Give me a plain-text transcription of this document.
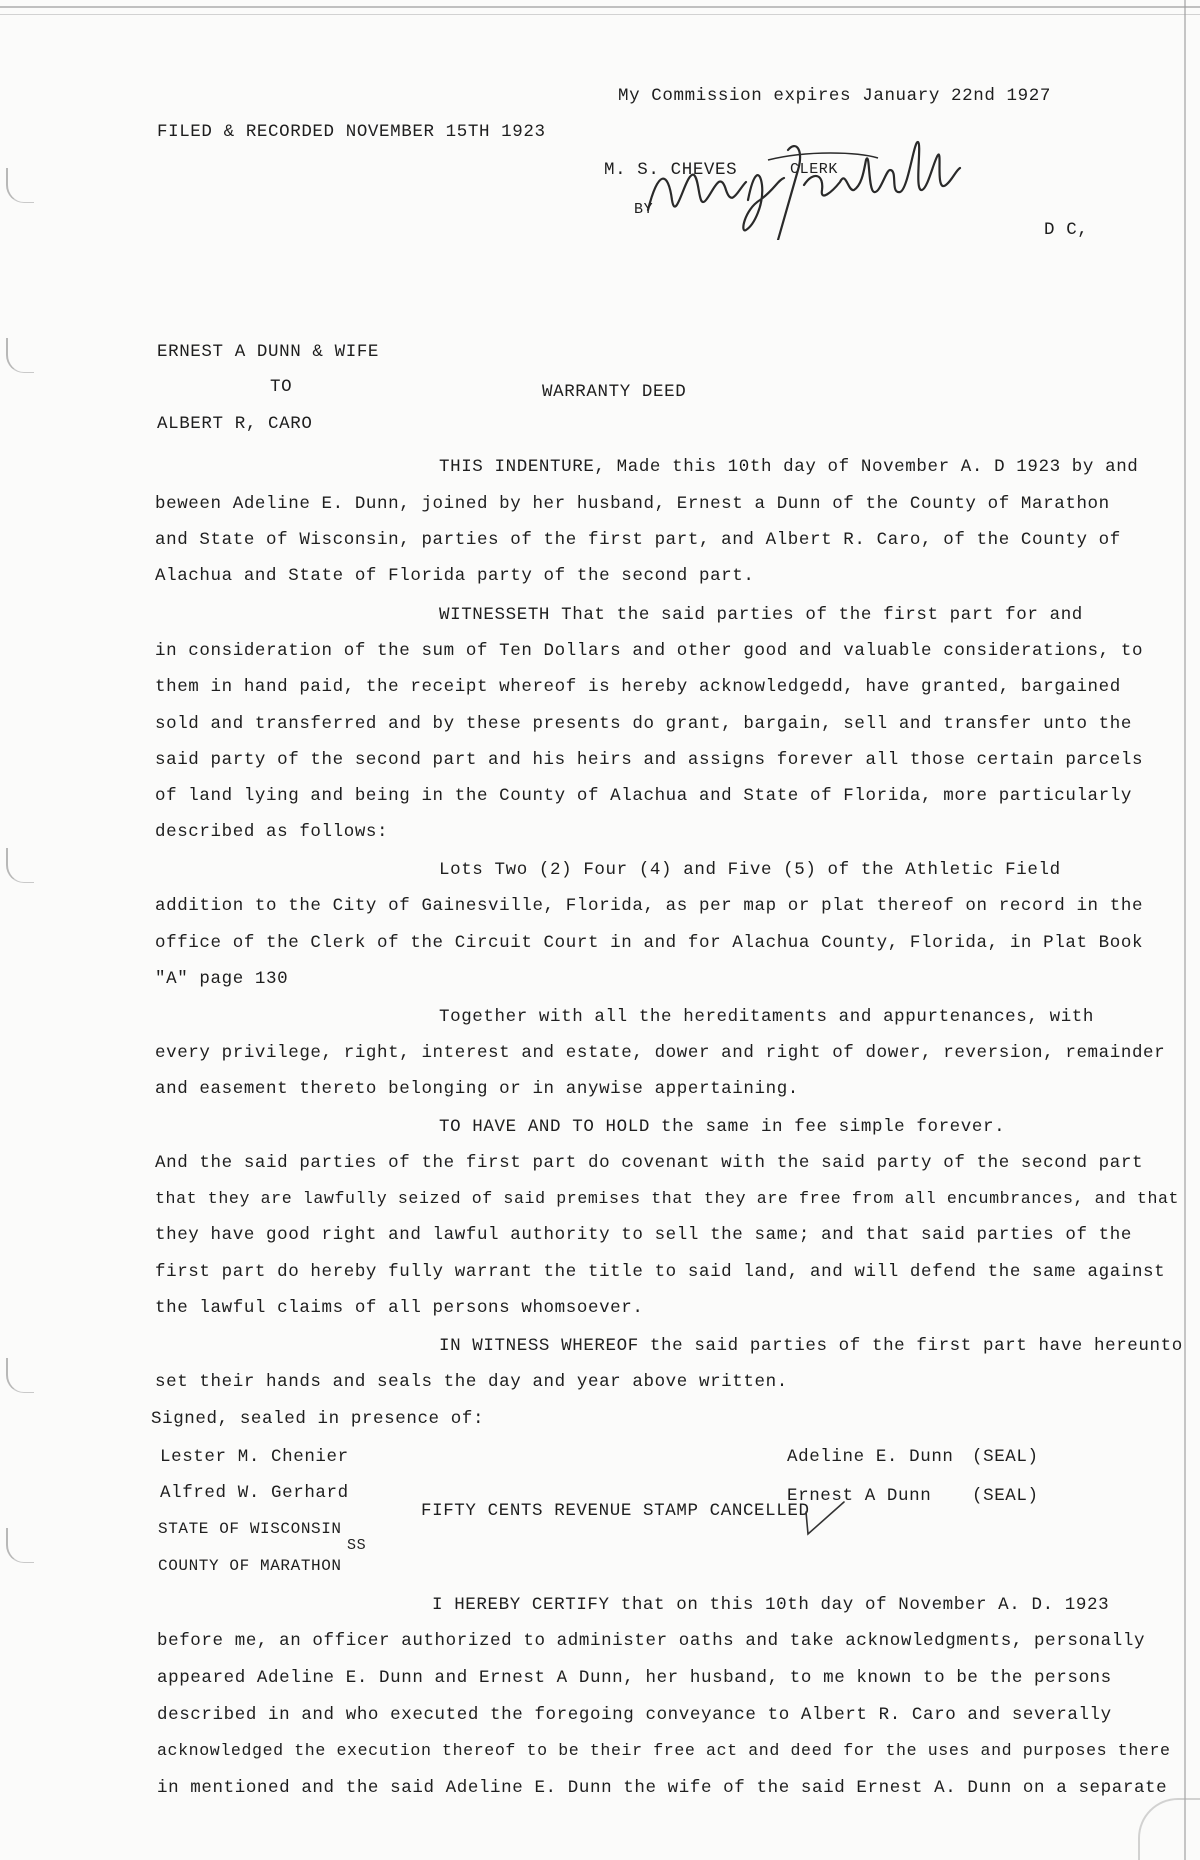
My Commission expires January 22nd 1927
FILED & RECORDED NOVEMBER 15TH 1923
M. S. CHEVES	CLERK
BY
D C,
ERNEST A DUNN & WIFE
TO	WARRANTY DEED
ALBERT R, CARO
THIS INDENTURE, Made this 10th day of November A. D 1923 by and
beween Adeline E. Dunn, joined by her husband, Ernest a Dunn of the County of Marathon
and State of Wisconsin, parties of the first part, and Albert R. Caro, of the County of
Alachua and State of Florida party of the second part.
WITNESSETH That the said parties of the first part for and
in consideration of the sum of Ten Dollars and other good and valuable considerations, to
them in hand paid, the receipt whereof is hereby acknowledgedd, have granted, bargained
sold and transferred and by these presents do grant, bargain, sell and transfer unto the
said party of the second part and his heirs and assigns forever all those certain parcels
of land lying and being in the County of Alachua and State of Florida, more particularly
described as follows:
Lots Two (2) Four (4) and Five (5) of the Athletic Field
addition to the City of Gainesville, Florida, as per map or plat thereof on record in the
office of the Clerk of the Circuit Court in and for Alachua County, Florida, in Plat Book
"A" page 130
Together with all the hereditaments and appurtenances, with
every privilege, right, interest and estate, dower and right of dower, reversion, remainder
and easement thereto belonging or in anywise appertaining.
TO HAVE AND TO HOLD the same in fee simple forever.
And the said parties of the first part do covenant with the said party of the second part
that they are lawfully seized of said premises that they are free from all encumbrances, and that
they have good right and lawful authority to sell the same; and that said parties of the
first part do hereby fully warrant the title to said land, and will defend the same against
the lawful claims of all persons whomsoever.
IN WITNESS WHEREOF the said parties of the first part have hereunto
set their hands and seals the day and year above written.
Signed, sealed in presence of:
Lester M. Chenier
Alfred W. Gerhard
Adeline E. Dunn
Ernest A Dunn
(SEAL)
(SEAL)
FIFTY CENTS REVENUE STAMP CANCELLED
STATE OF WISCONSIN
SS
COUNTY OF MARATHON
I HEREBY CERTIFY that on this 10th day of November A. D. 1923
before me, an officer authorized to administer oaths and take acknowledgments, personally
appeared Adeline E. Dunn and Ernest A Dunn, her husband, to me known to be the persons
described in and who executed the foregoing conveyance to Albert R. Caro and severally
acknowledged the execution thereof to be their free act and deed for the uses and purposes there
in mentioned and the said Adeline E. Dunn the wife of the said Ernest A. Dunn on a separate
